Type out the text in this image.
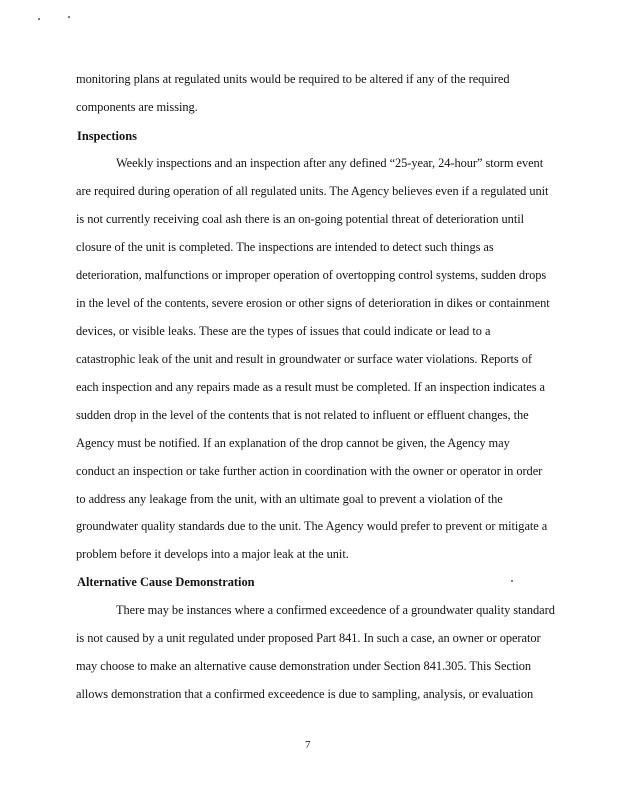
monitoring plans at regulated units would be required to be altered if any of the required
components are missing.
Inspections
Weekly inspections and an inspection after any defined “25-year, 24-hour” storm event
are required during operation of all regulated units. The Agency believes even if a regulated unit
is not currently receiving coal ash there is an on-going potential threat of deterioration until
closure of the unit is completed. The inspections are intended to detect such things as
deterioration, malfunctions or improper operation of overtopping control systems, sudden drops
in the level of the contents, severe erosion or other signs of deterioration in dikes or containment
devices, or visible leaks. These are the types of issues that could indicate or lead to a
catastrophic leak of the unit and result in groundwater or surface water violations. Reports of
each inspection and any repairs made as a result must be completed. If an inspection indicates a
sudden drop in the level of the contents that is not related to influent or effluent changes, the
Agency must be notified. If an explanation of the drop cannot be given, the Agency may
conduct an inspection or take further action in coordination with the owner or operator in order
to address any leakage from the unit, with an ultimate goal to prevent a violation of the
groundwater quality standards due to the unit. The Agency would prefer to prevent or mitigate a
problem before it develops into a major leak at the unit.
Alternative Cause Demonstration
There may be instances where a confirmed exceedence of a groundwater quality standard
is not caused by a unit regulated under proposed Part 841. In such a case, an owner or operator
may choose to make an alternative cause demonstration under Section 841.305. This Section
allows demonstration that a confirmed exceedence is due to sampling, analysis, or evaluation
7
